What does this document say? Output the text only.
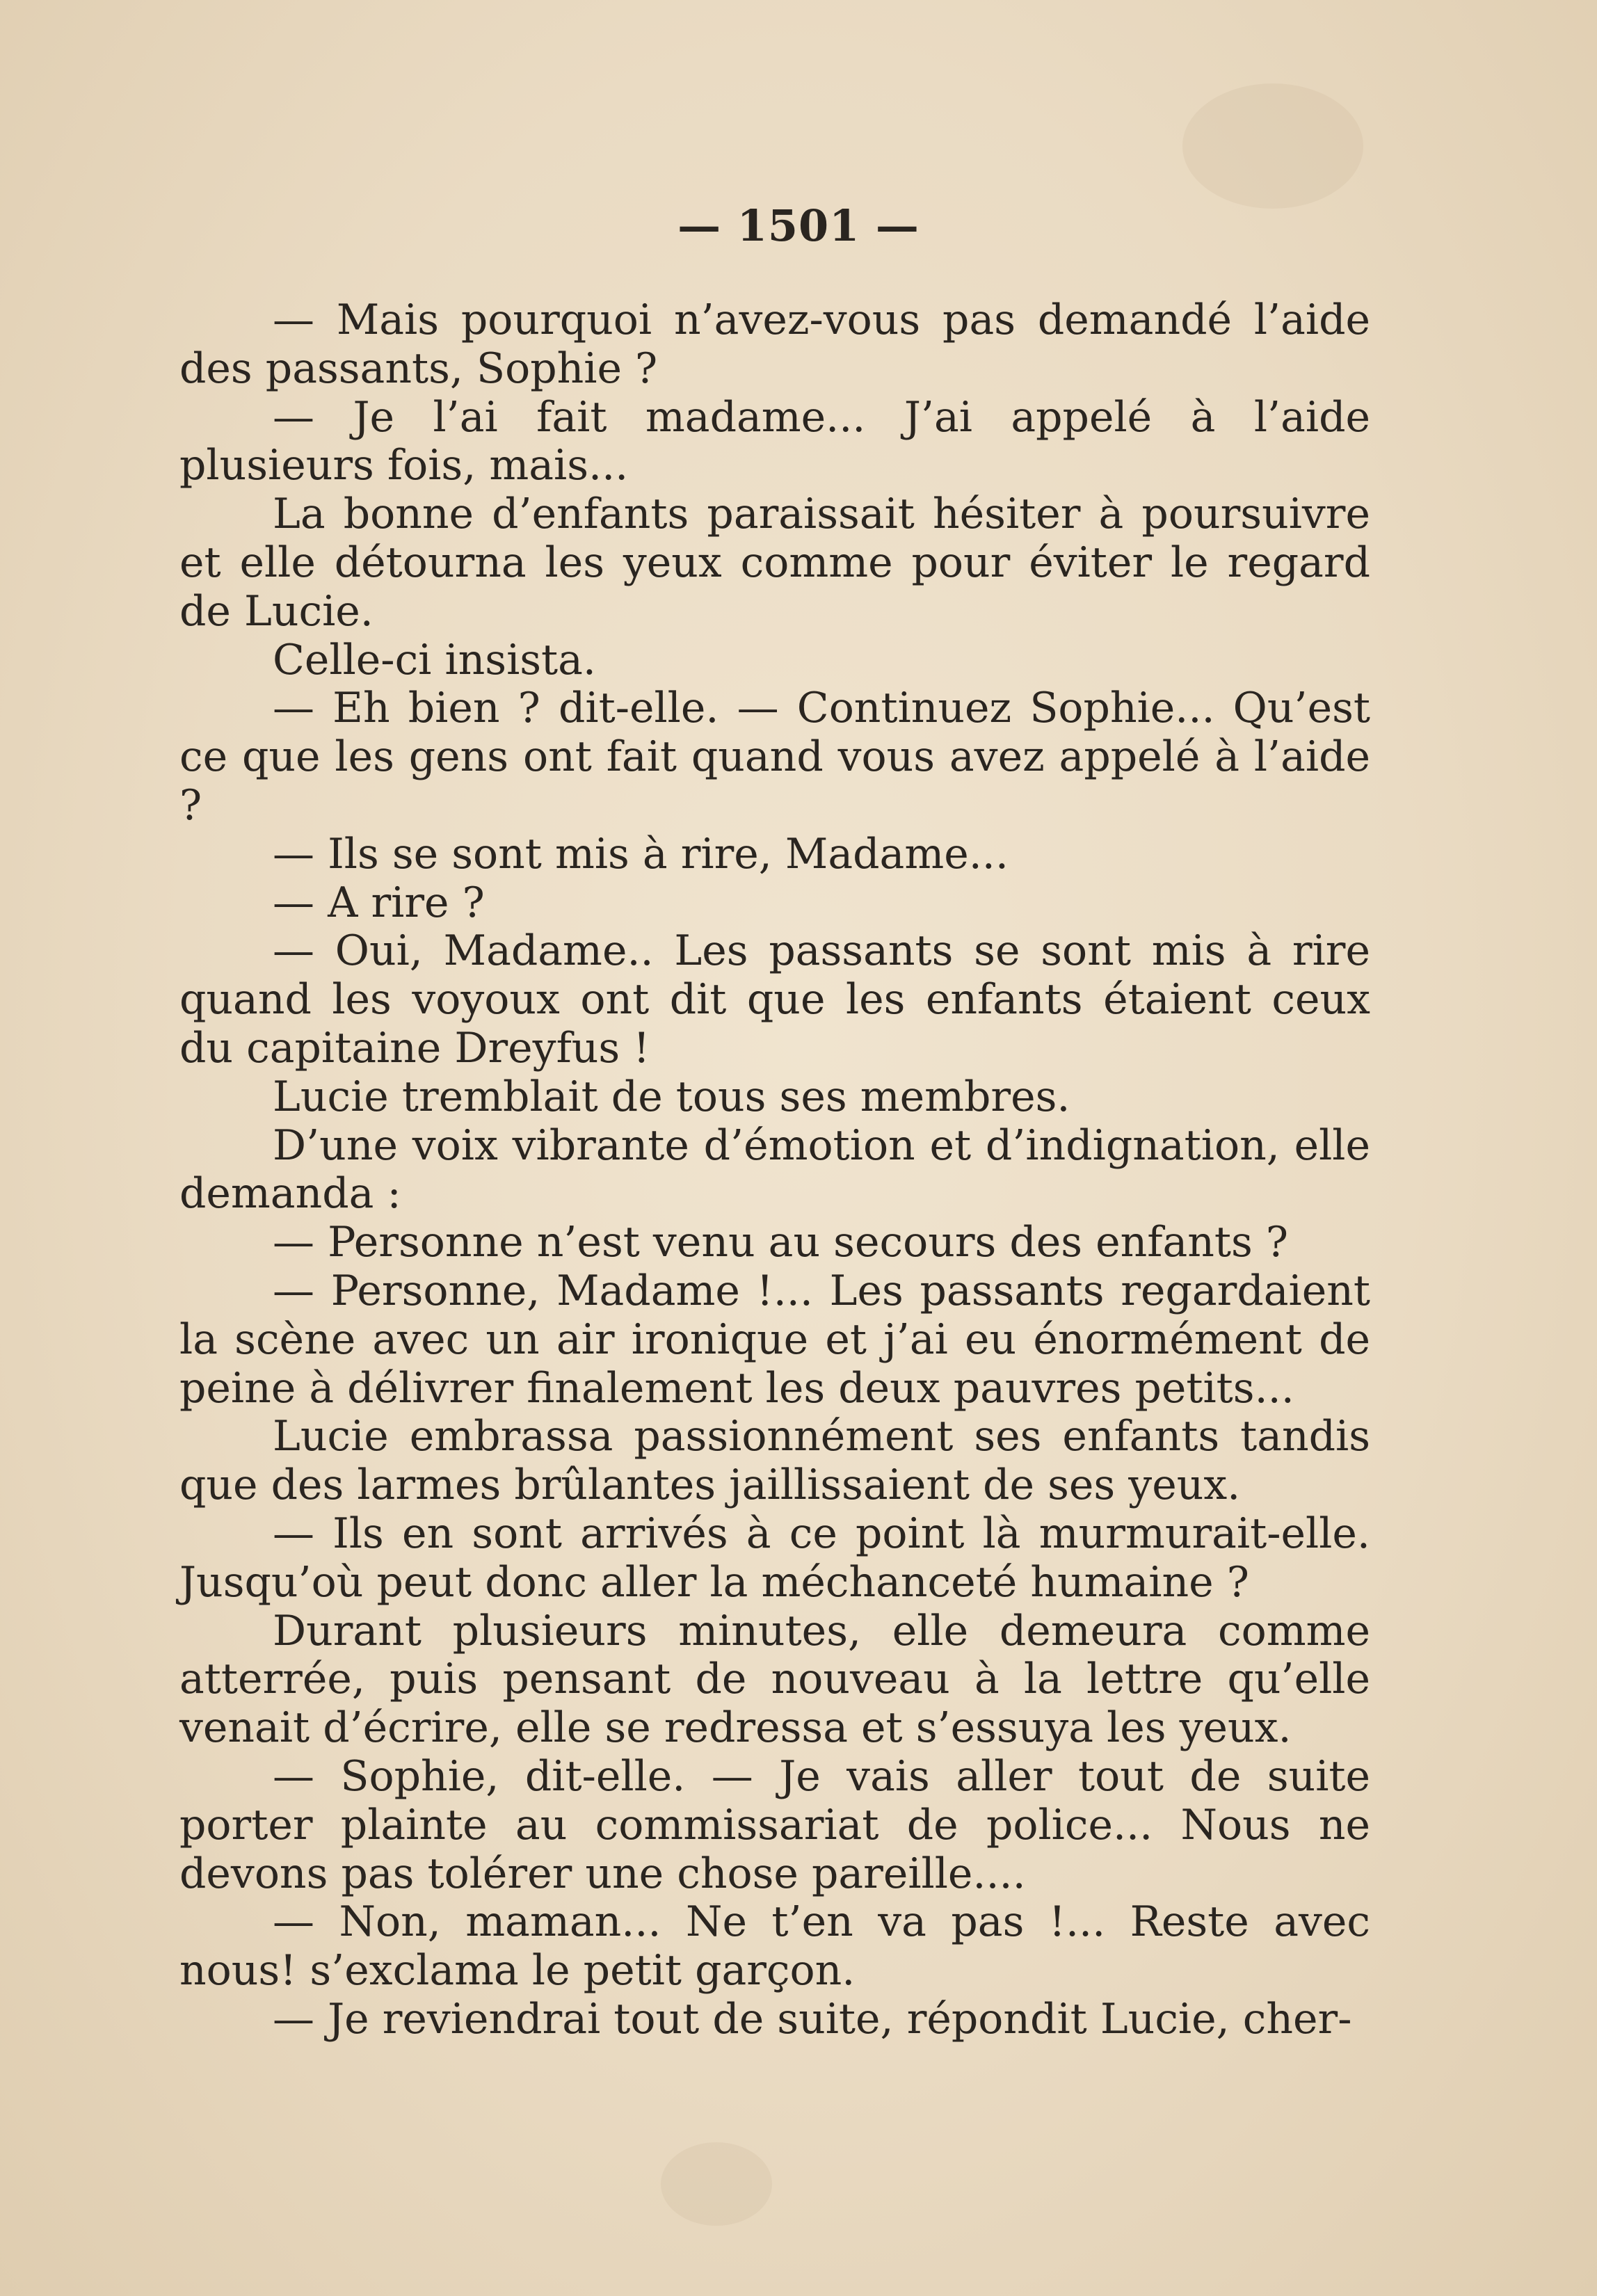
— 1501 —

— Mais pourquoi n’avez-vous pas demandé l’aide des passants, Sophie ?

— Je l’ai fait madame... J’ai appelé à l’aide plusieurs fois, mais...

La bonne d’enfants paraissait hésiter à poursuivre et elle détourna les yeux comme pour éviter le regard de Lucie.

Celle-ci insista.

— Eh bien ? dit-elle. — Continuez Sophie... Qu’est ce que les gens ont fait quand vous avez appelé à l’aide ?

— Ils se sont mis à rire, Madame...

— A rire ?

— Oui, Madame.. Les passants se sont mis à rire quand les voyoux ont dit que les enfants étaient ceux du capitaine Dreyfus !

Lucie tremblait de tous ses membres.

D’une voix vibrante d’émotion et d’indignation, elle demanda :

— Personne n’est venu au secours des enfants ?

— Personne, Madame !... Les passants regardaient la scène avec un air ironique et j’ai eu énormément de peine à délivrer finalement les deux pauvres petits...

Lucie embrassa passionnément ses enfants tandis que des larmes brûlantes jaillissaient de ses yeux.

— Ils en sont arrivés à ce point là murmurait-elle. Jusqu’où peut donc aller la méchanceté humaine ?

Durant plusieurs minutes, elle demeura comme atterrée, puis pensant de nouveau à la lettre qu’elle venait d’écrire, elle se redressa et s’essuya les yeux.

— Sophie, dit-elle. — Je vais aller tout de suite porter plainte au commissariat de police... Nous ne devons pas tolérer une chose pareille....

— Non, maman... Ne t’en va pas !... Reste avec nous! s’exclama le petit garçon.

— Je reviendrai tout de suite, répondit Lucie, cher-
